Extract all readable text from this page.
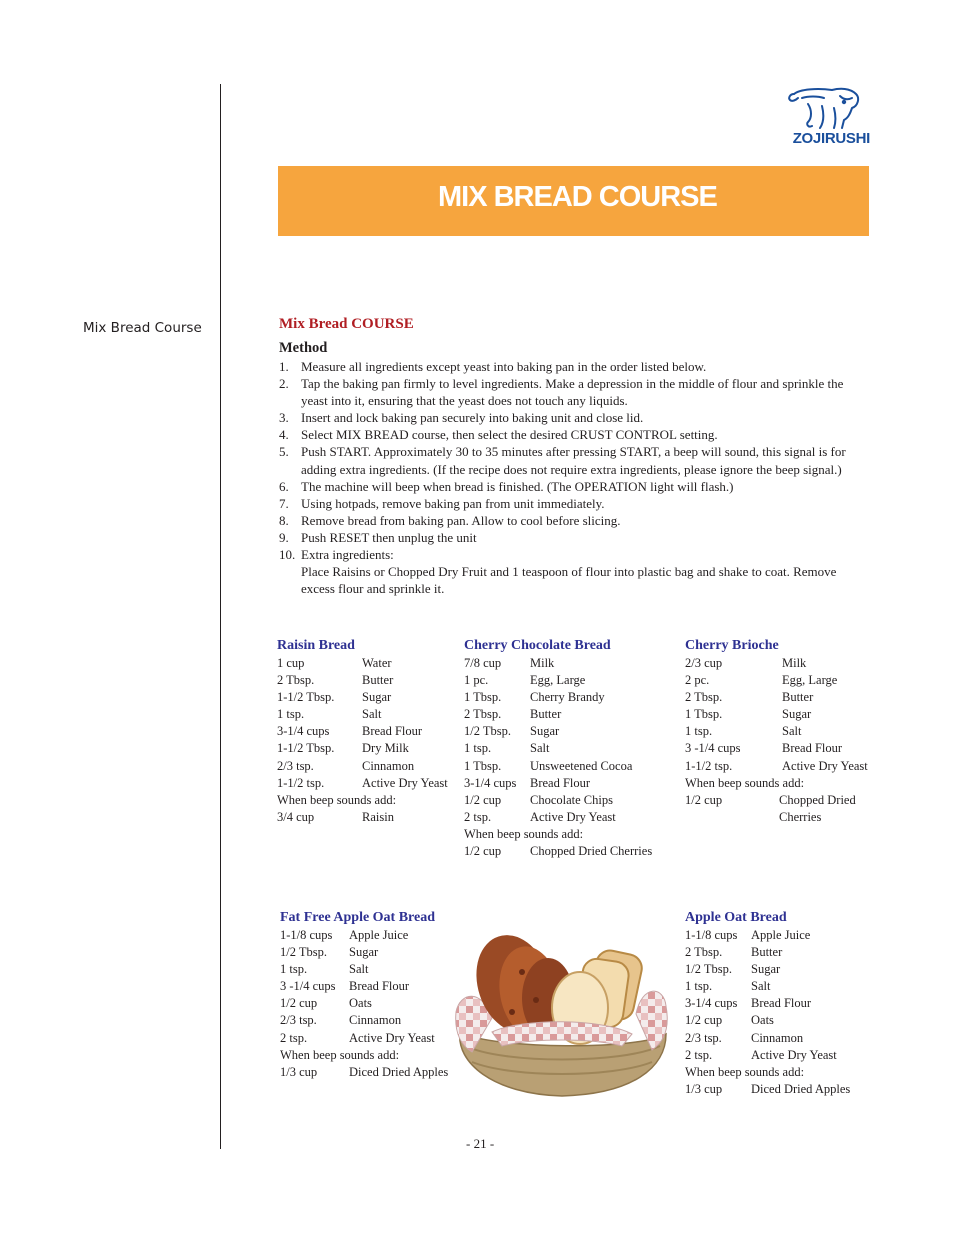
ZOJIRUSHI
MIX BREAD COURSE
Mix Bread Course	Mix Bread COURSE
Method
1. Measure all ingredients except yeast into baking pan in the order listed below.
2. Tap the baking pan firmly to level ingredients. Make a depression in the middle of flour and sprinkle the yeast into it, ensuring that the yeast does not touch any liquids.
3. Insert and lock baking pan securely into baking unit and close lid.
4. Select MIX BREAD course, then select the desired CRUST CONTROL setting.
5. Push START. Approximately 30 to 35 minutes after pressing START, a beep will sound, this signal is for adding extra ingredients. (If the recipe does not require extra ingredients, please ignore the beep signal.)
6. The machine will beep when bread is finished. (The OPERATION light will flash.)
7. Using hotpads, remove baking pan from unit immediately.
8. Remove bread from baking pan. Allow to cool before slicing.
9. Push RESET then unplug the unit
10. Extra ingredients:
Place Raisins or Chopped Dry Fruit and 1 teaspoon of flour into plastic bag and shake to coat. Remove excess flour and sprinkle it.
Raisin Bread
1 cup	Water
2 Tbsp.	Butter
1-1/2 Tbsp. Sugar
1 tsp.	Salt
3-1/4 cups	Bread Flour
1-1/2 Tbsp. Dry Milk
2/3 tsp.	Cinnamon
1-1/2 tsp.	Active Dry Yeast
When beep sounds add:
3/4 cup	Raisin
Cherry Chocolate Bread
7/8 cup Milk
1 pc.	Egg, Large
1 Tbsp. Cherry Brandy
2 Tbsp. Butter
1/2 Tbsp. Sugar
1 tsp.	Salt
1 Tbsp. Unsweetened Cocoa
3-1/4 cups Bread Flour
1/2 cup Chocolate Chips
2 tsp.	Active Dry Yeast
When beep sounds add:
1/2 cup Chopped Dried Cherries
Cherry Brioche
2/3 cup	Milk
2 pc.	Egg, Large
2 Tbsp.	Butter
1 Tbsp.	Sugar
1 tsp.	Salt
3 -1/4 cups	Bread Flour
1-1/2 tsp.	Active Dry Yeast
When beep sounds add:
1/2 cup	Chopped Dried
Cherries
Fat Free Apple Oat Bread
1-1/8 cups Apple Juice
1/2 Tbsp. Sugar
1 tsp.	Salt
3 -1/4 cups Bread Flour
1/2 cup	Oats
2/3 tsp.	Cinnamon
2 tsp.	Active Dry Yeast
When beep sounds add:
1/3 cup	Diced Dried Apples
Apple Oat Bread
1-1/8 cups Apple Juice
2 Tbsp. Butter
1/2 Tbsp. Sugar
1 tsp.	Salt
3-1/4 cups Bread Flour
1/2 cup Oats
2/3 tsp. Cinnamon
2 tsp.	Active Dry Yeast
When beep sounds add:
1/3 cup Diced Dried Apples
- 21 -
